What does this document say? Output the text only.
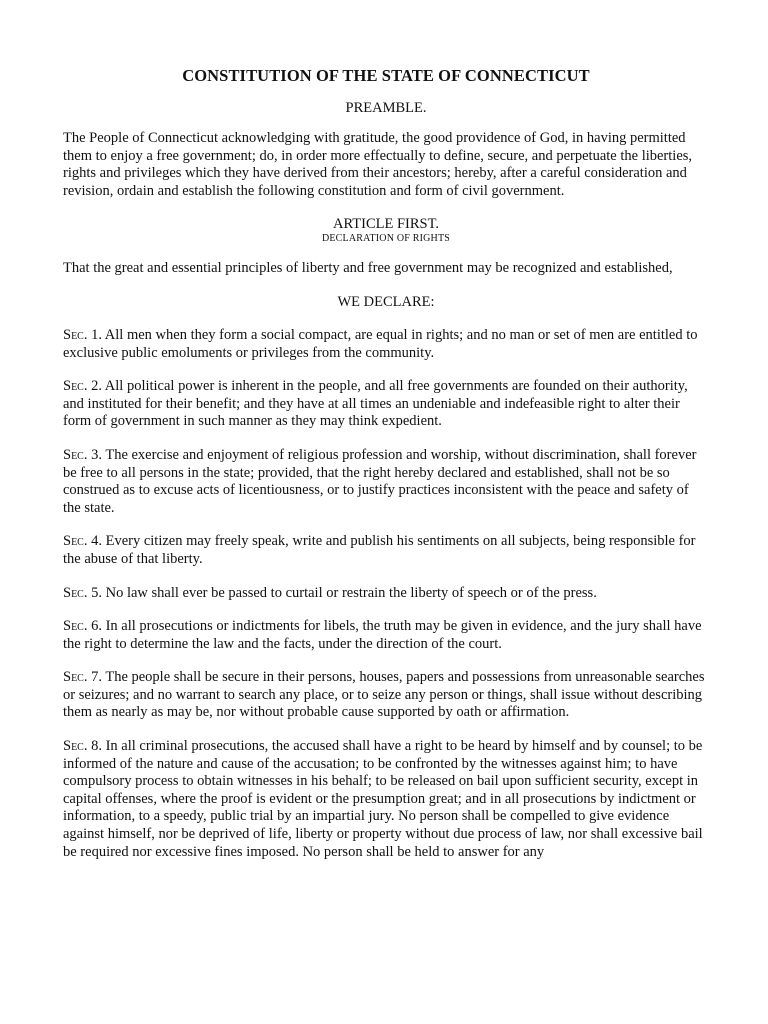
CONSTITUTION OF THE STATE OF CONNECTICUT

PREAMBLE.

The People of Connecticut acknowledging with gratitude, the good providence of God, in having permitted them to enjoy a free government; do, in order more effectually to define, secure, and perpetuate the liberties, rights and privileges which they have derived from their ancestors; hereby, after a careful consideration and revision, ordain and establish the following constitution and form of civil government.

ARTICLE FIRST.

DECLARATION OF RIGHTS

That the great and essential principles of liberty and free government may be recognized and established,

WE DECLARE:

Sec. 1. All men when they form a social compact, are equal in rights; and no man or set of men are entitled to exclusive public emoluments or privileges from the community.

Sec. 2. All political power is inherent in the people, and all free governments are founded on their authority, and instituted for their benefit; and they have at all times an undeniable and indefeasible right to alter their form of government in such manner as they may think expedient.

Sec. 3. The exercise and enjoyment of religious profession and worship, without discrimination, shall forever be free to all persons in the state; provided, that the right hereby declared and established, shall not be so construed as to excuse acts of licentiousness, or to justify practices inconsistent with the peace and safety of the state.

Sec. 4. Every citizen may freely speak, write and publish his sentiments on all subjects, being responsible for the abuse of that liberty.

Sec. 5. No law shall ever be passed to curtail or restrain the liberty of speech or of the press.

Sec. 6. In all prosecutions or indictments for libels, the truth may be given in evidence, and the jury shall have the right to determine the law and the facts, under the direction of the court.

Sec. 7. The people shall be secure in their persons, houses, papers and possessions from unreasonable searches or seizures; and no warrant to search any place, or to seize any person or things, shall issue without describing them as nearly as may be, nor without probable cause supported by oath or affirmation.

Sec. 8. In all criminal prosecutions, the accused shall have a right to be heard by himself and by counsel; to be informed of the nature and cause of the accusation; to be confronted by the witnesses against him; to have compulsory process to obtain witnesses in his behalf; to be released on bail upon sufficient security, except in capital offenses, where the proof is evident or the presumption great; and in all prosecutions by indictment or information, to a speedy, public trial by an impartial jury. No person shall be compelled to give evidence against himself, nor be deprived of life, liberty or property without due process of law, nor shall excessive bail be required nor excessive fines imposed. No person shall be held to answer for any
